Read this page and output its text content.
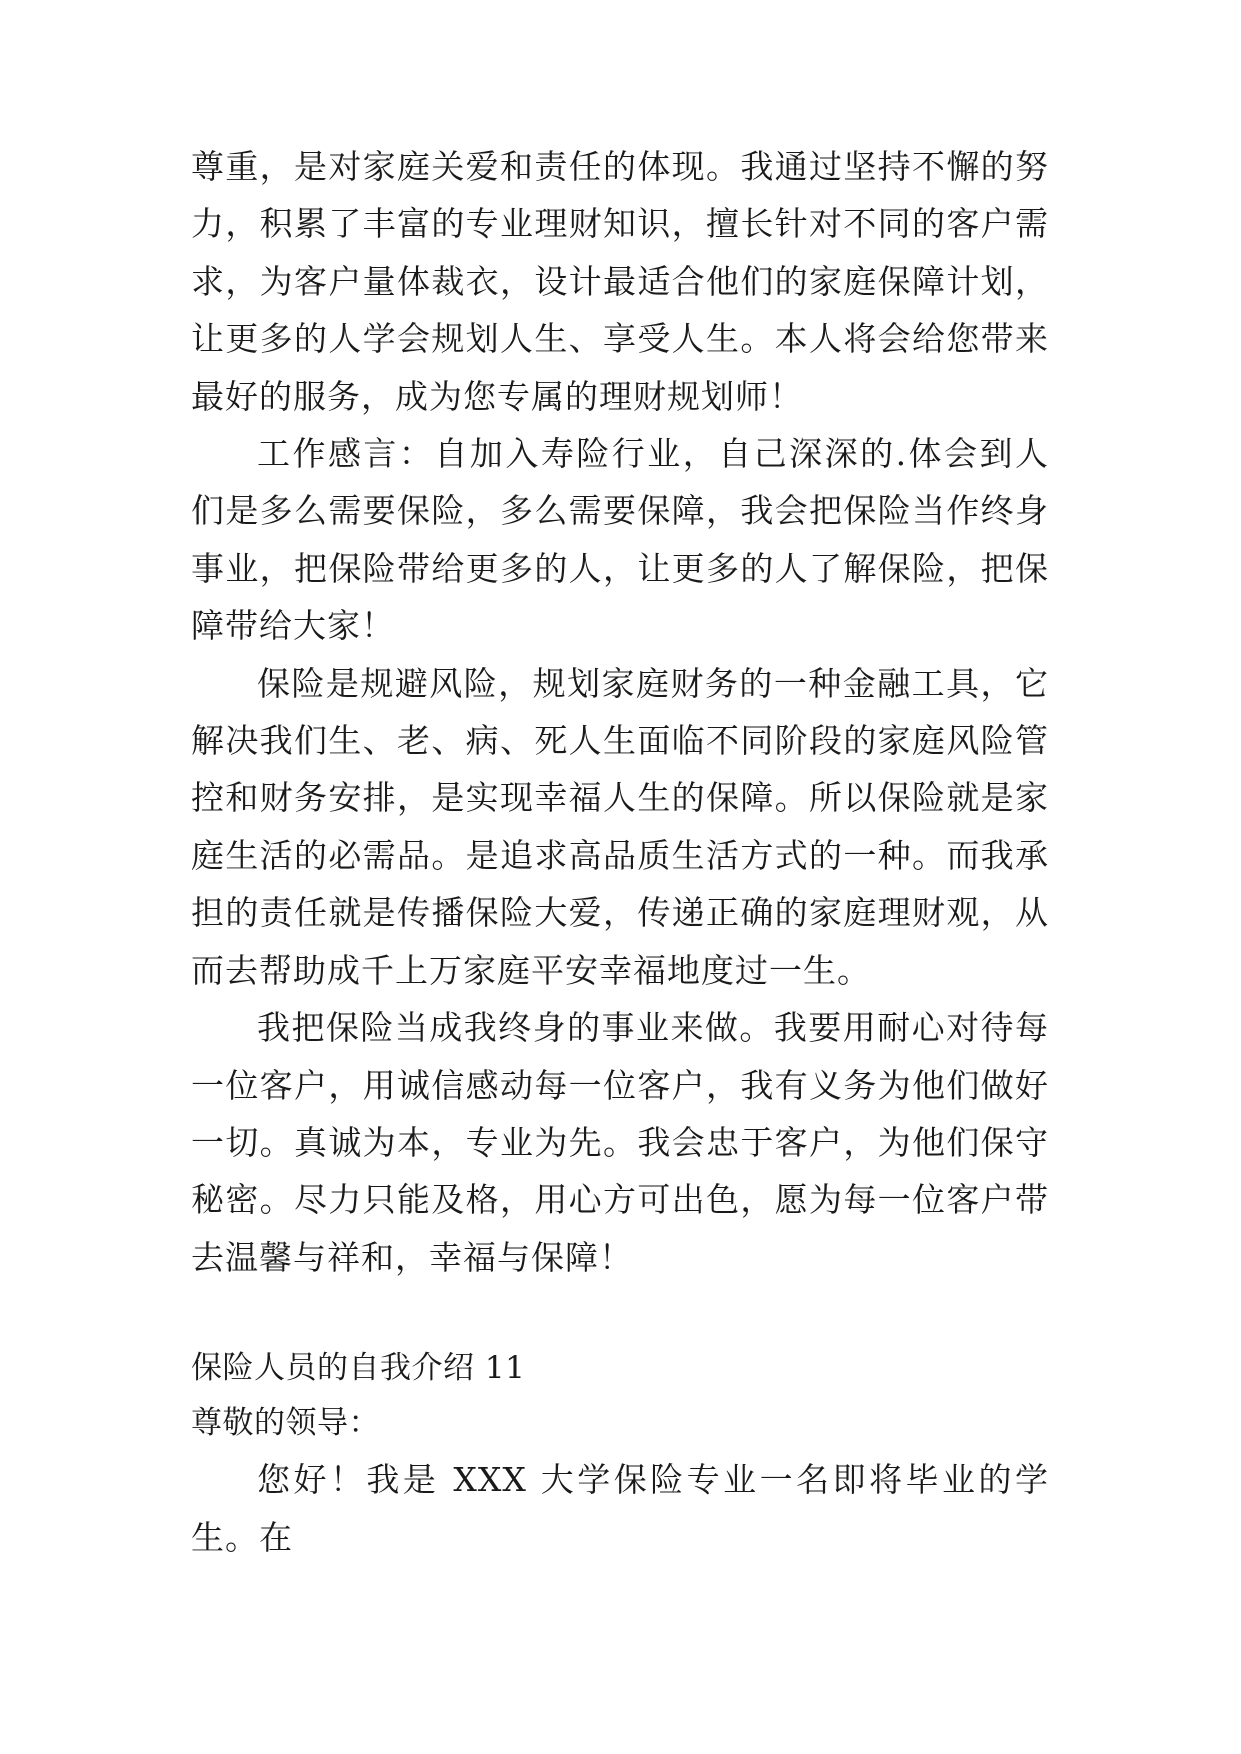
尊重，是对家庭关爱和责任的体现。我通过坚持不懈的努力，积累了丰富的专业理财知识，擅长针对不同的客户需求，为客户量体裁衣，设计最适合他们的家庭保障计划，让更多的人学会规划人生、享受人生。本人将会给您带来最好的服务，成为您专属的理财规划师！

工作感言：自加入寿险行业，自己深深的.体会到人们是多么需要保险，多么需要保障，我会把保险当作终身事业，把保险带给更多的人，让更多的人了解保险，把保障带给大家！

保险是规避风险，规划家庭财务的一种金融工具，它解决我们生、老、病、死人生面临不同阶段的家庭风险管控和财务安排，是实现幸福人生的保障。所以保险就是家庭生活的必需品。是追求高品质生活方式的一种。而我承担的责任就是传播保险大爱，传递正确的家庭理财观，从而去帮助成千上万家庭平安幸福地度过一生。

我把保险当成我终身的事业来做。我要用耐心对待每一位客户，用诚信感动每一位客户，我有义务为他们做好一切。真诚为本，专业为先。我会忠于客户，为他们保守秘密。尽力只能及格，用心方可出色，愿为每一位客户带去温馨与祥和，幸福与保障！

保险人员的自我介绍 11

尊敬的领导：

您好！我是 XXX 大学保险专业一名即将毕业的学生。在
